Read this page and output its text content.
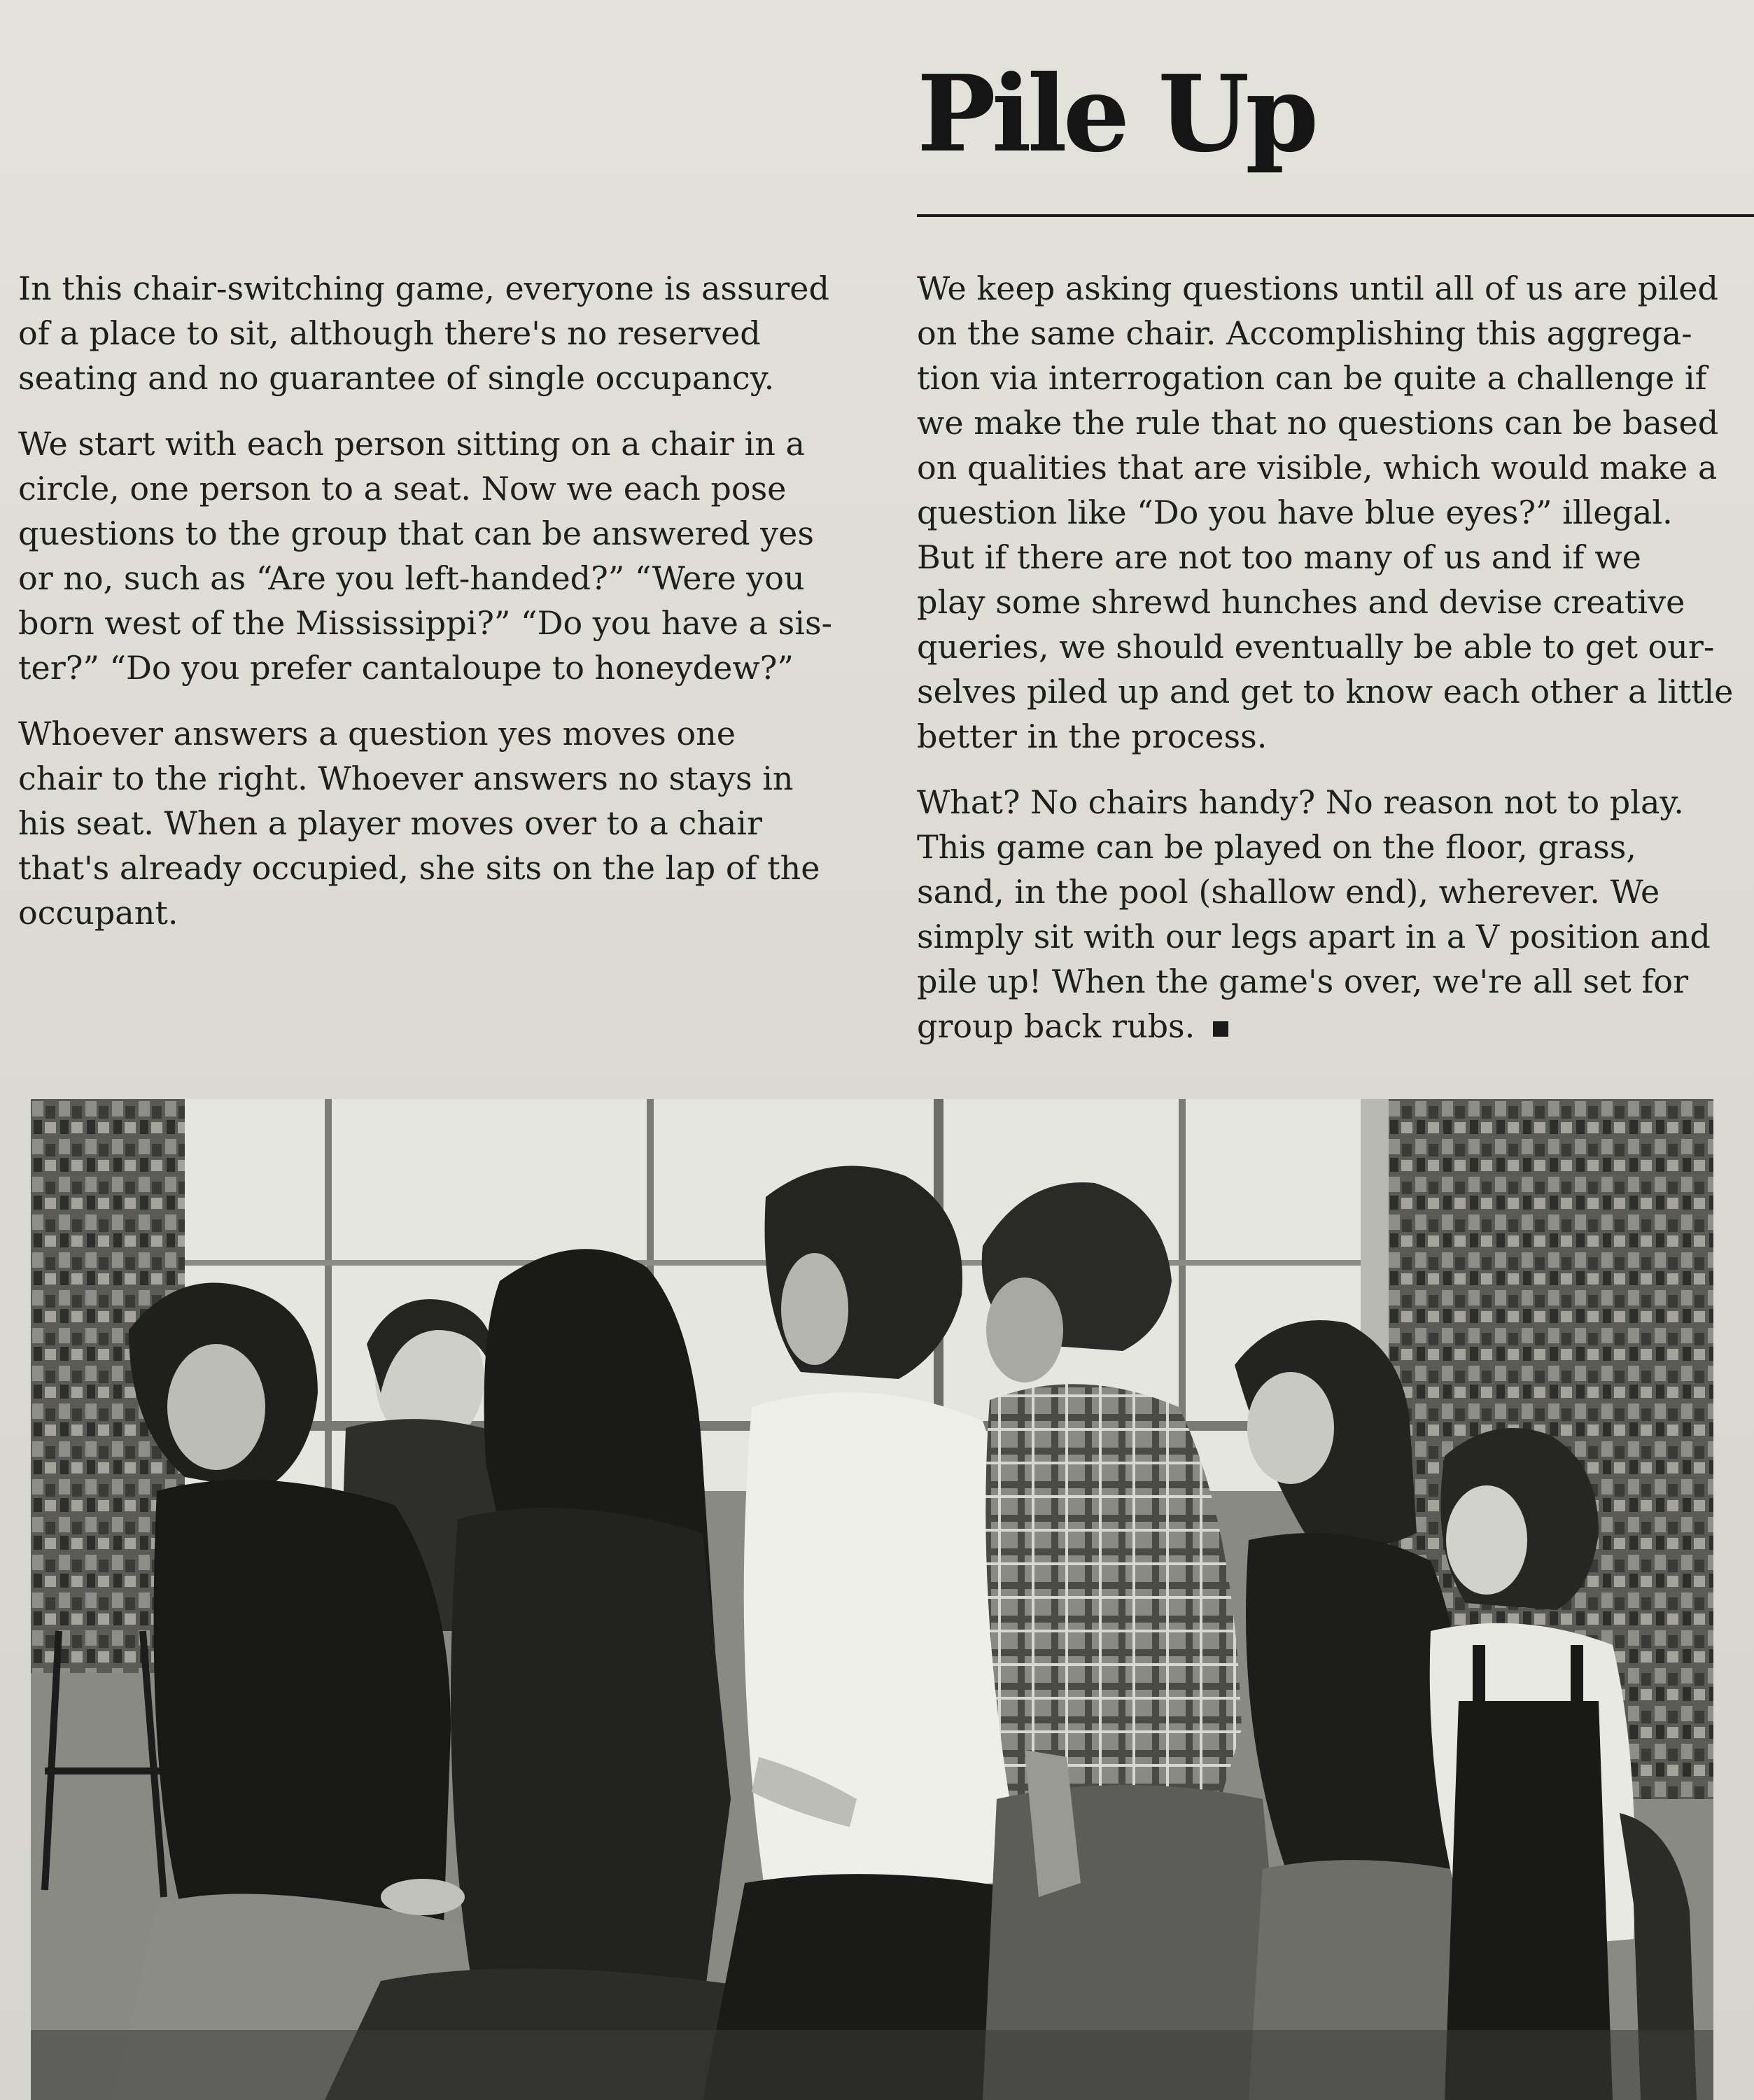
Pile Up

In this chair-switching game, everyone is assured
of a place to sit, although there's no reserved
seating and no guarantee of single occupancy.

We start with each person sitting on a chair in a
circle, one person to a seat. Now we each pose
questions to the group that can be answered yes
or no, such as “Are you left-handed?” “Were you
born west of the Mississippi?” “Do you have a sis-
ter?” “Do you prefer cantaloupe to honeydew?”

Whoever answers a question yes moves one
chair to the right. Whoever answers no stays in
his seat. When a player moves over to a chair
that's already occupied, she sits on the lap of the
occupant.

We keep asking questions until all of us are piled
on the same chair. Accomplishing this aggrega-
tion via interrogation can be quite a challenge if
we make the rule that no questions can be based
on qualities that are visible, which would make a
question like “Do you have blue eyes?” illegal.
But if there are not too many of us and if we
play some shrewd hunches and devise creative
queries, we should eventually be able to get our-
selves piled up and get to know each other a little
better in the process.

What? No chairs handy? No reason not to play.
This game can be played on the floor, grass,
sand, in the pool (shallow end), wherever. We
simply sit with our legs apart in a V position and
pile up! When the game's over, we're all set for
group back rubs.
